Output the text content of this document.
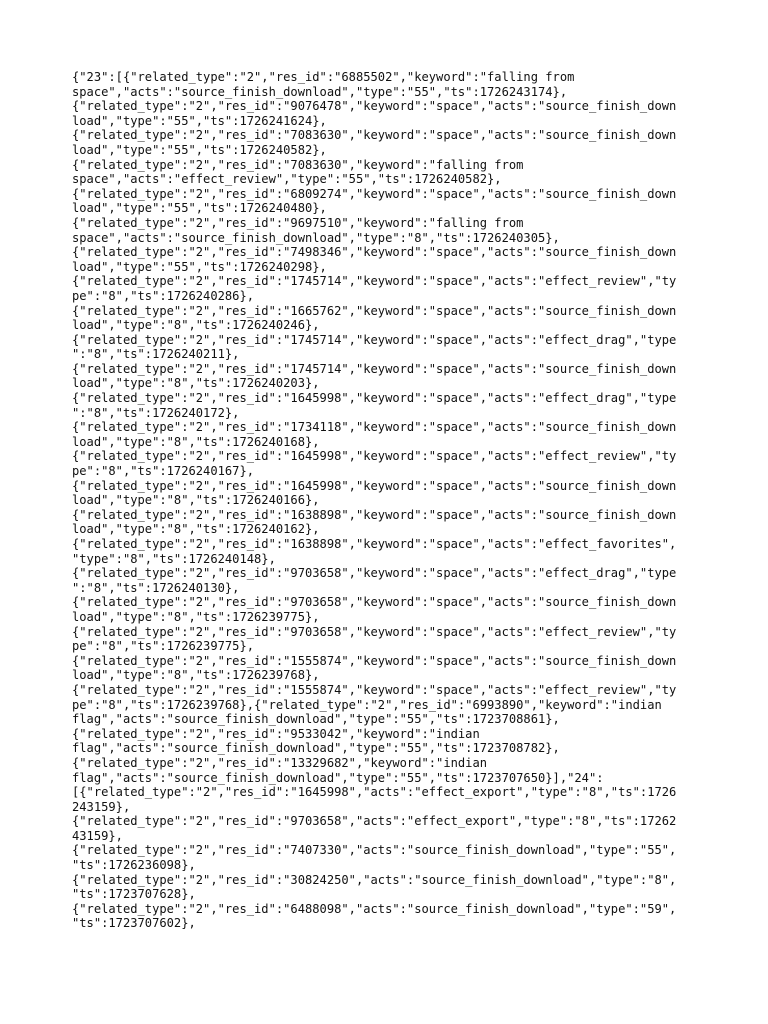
{"23":[{"related_type":"2","res_id":"6885502","keyword":"falling from
space","acts":"source_finish_download","type":"55","ts":1726243174},
{"related_type":"2","res_id":"9076478","keyword":"space","acts":"source_finish_down
load","type":"55","ts":1726241624},
{"related_type":"2","res_id":"7083630","keyword":"space","acts":"source_finish_down
load","type":"55","ts":1726240582},
{"related_type":"2","res_id":"7083630","keyword":"falling from
space","acts":"effect_review","type":"55","ts":1726240582},
{"related_type":"2","res_id":"6809274","keyword":"space","acts":"source_finish_down
load","type":"55","ts":1726240480},
{"related_type":"2","res_id":"9697510","keyword":"falling from
space","acts":"source_finish_download","type":"8","ts":1726240305},
{"related_type":"2","res_id":"7498346","keyword":"space","acts":"source_finish_down
load","type":"55","ts":1726240298},
{"related_type":"2","res_id":"1745714","keyword":"space","acts":"effect_review","ty
pe":"8","ts":1726240286},
{"related_type":"2","res_id":"1665762","keyword":"space","acts":"source_finish_down
load","type":"8","ts":1726240246},
{"related_type":"2","res_id":"1745714","keyword":"space","acts":"effect_drag","type
":"8","ts":1726240211},
{"related_type":"2","res_id":"1745714","keyword":"space","acts":"source_finish_down
load","type":"8","ts":1726240203},
{"related_type":"2","res_id":"1645998","keyword":"space","acts":"effect_drag","type
":"8","ts":1726240172},
{"related_type":"2","res_id":"1734118","keyword":"space","acts":"source_finish_down
load","type":"8","ts":1726240168},
{"related_type":"2","res_id":"1645998","keyword":"space","acts":"effect_review","ty
pe":"8","ts":1726240167},
{"related_type":"2","res_id":"1645998","keyword":"space","acts":"source_finish_down
load","type":"8","ts":1726240166},
{"related_type":"2","res_id":"1638898","keyword":"space","acts":"source_finish_down
load","type":"8","ts":1726240162},
{"related_type":"2","res_id":"1638898","keyword":"space","acts":"effect_favorites",
"type":"8","ts":1726240148},
{"related_type":"2","res_id":"9703658","keyword":"space","acts":"effect_drag","type
":"8","ts":1726240130},
{"related_type":"2","res_id":"9703658","keyword":"space","acts":"source_finish_down
load","type":"8","ts":1726239775},
{"related_type":"2","res_id":"9703658","keyword":"space","acts":"effect_review","ty
pe":"8","ts":1726239775},
{"related_type":"2","res_id":"1555874","keyword":"space","acts":"source_finish_down
load","type":"8","ts":1726239768},
{"related_type":"2","res_id":"1555874","keyword":"space","acts":"effect_review","ty
pe":"8","ts":1726239768},{"related_type":"2","res_id":"6993890","keyword":"indian
flag","acts":"source_finish_download","type":"55","ts":1723708861},
{"related_type":"2","res_id":"9533042","keyword":"indian
flag","acts":"source_finish_download","type":"55","ts":1723708782},
{"related_type":"2","res_id":"13329682","keyword":"indian
flag","acts":"source_finish_download","type":"55","ts":1723707650}],"24":
[{"related_type":"2","res_id":"1645998","acts":"effect_export","type":"8","ts":1726
243159},
{"related_type":"2","res_id":"9703658","acts":"effect_export","type":"8","ts":17262
43159},
{"related_type":"2","res_id":"7407330","acts":"source_finish_download","type":"55",
"ts":1726236098},
{"related_type":"2","res_id":"30824250","acts":"source_finish_download","type":"8",
"ts":1723707628},
{"related_type":"2","res_id":"6488098","acts":"source_finish_download","type":"59",
"ts":1723707602},
